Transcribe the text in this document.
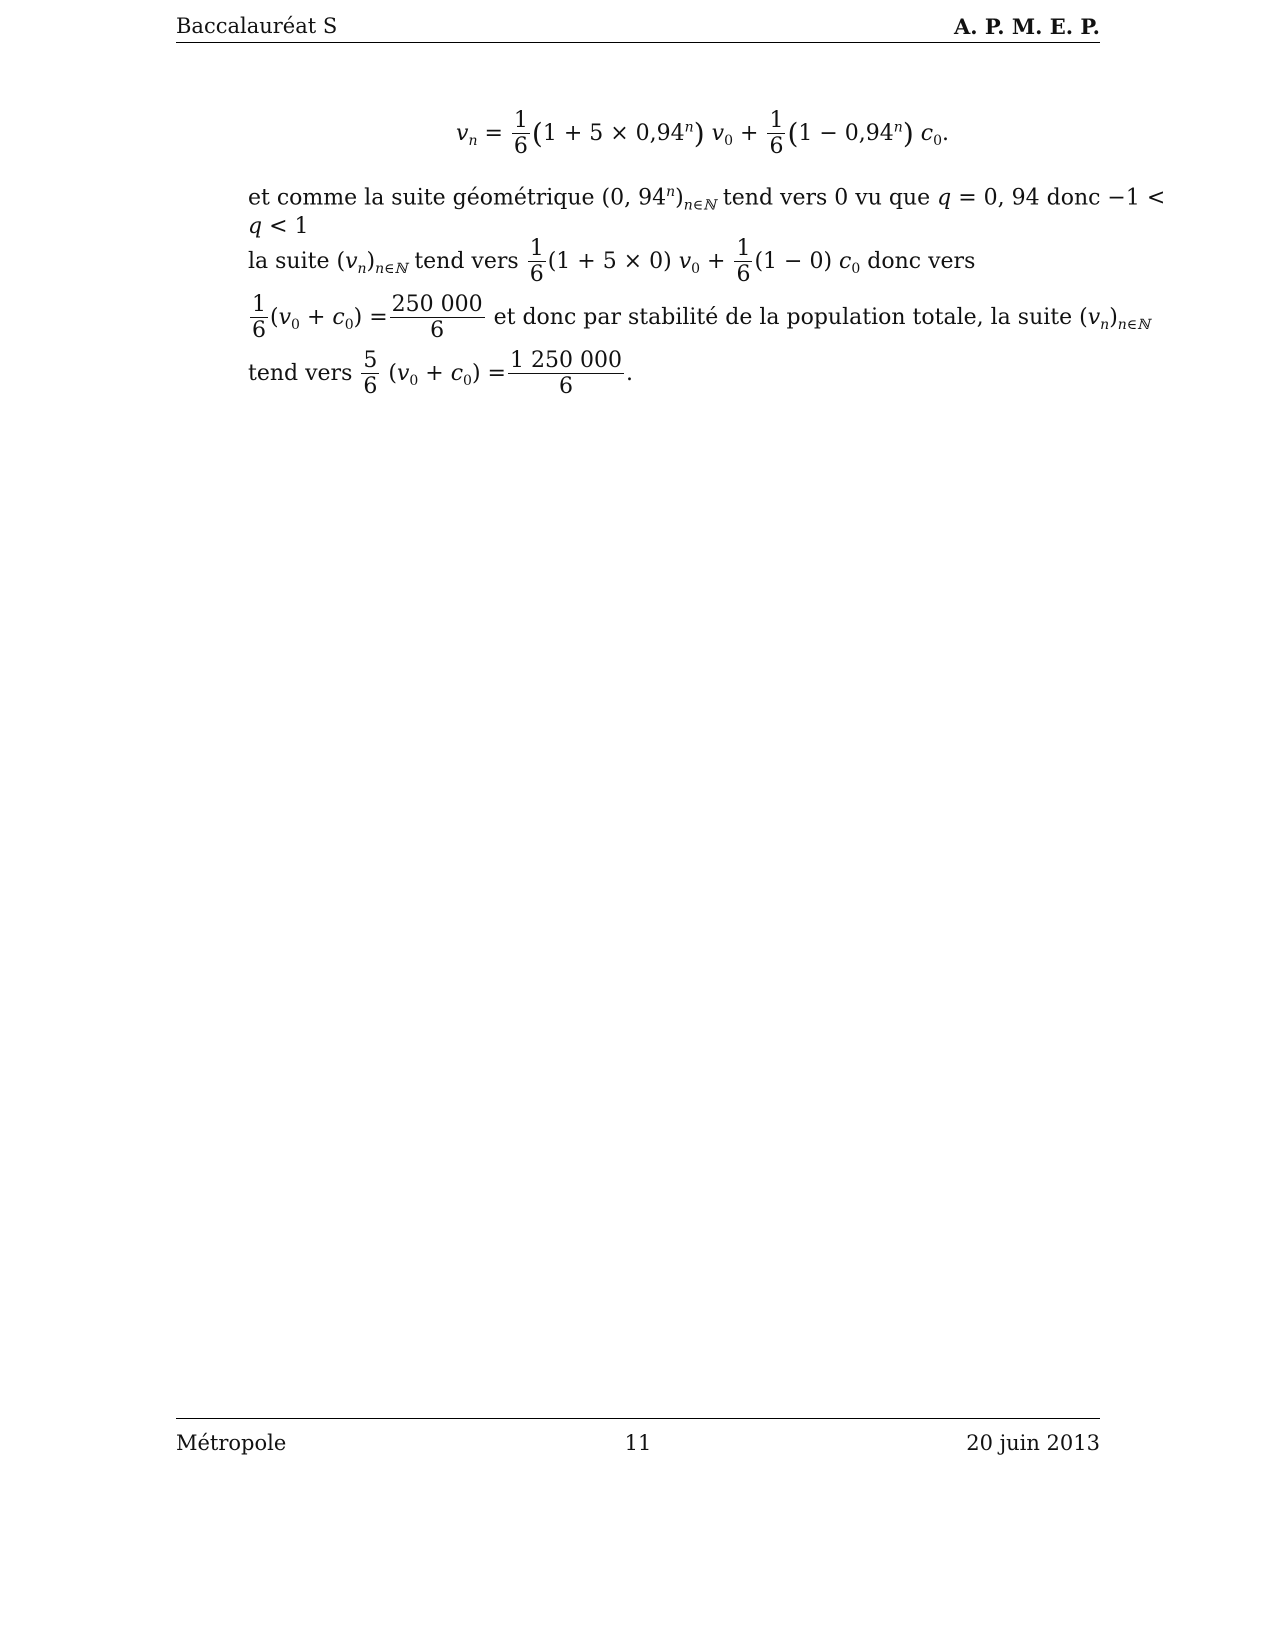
Baccalauréat S	A. P. M. E. P.
$v_n = \frac{1}{6} (1 + 5 \times 0,94^n) v_0 + \frac{1}{6} (1 - 0,94^n)$ $c_0$.
et comme la suite géométrique (0, $94^n)_{n\in ℕ}$ tend vers 0 vu que q = 0, 94 donc −1 <
q < 1
la suite $(v_n)_{n\in ℕ}$ tend vers $\frac{1}{6} (1 + 5 \times 0) v_0 + \frac{1}{6} (1 - 0)$ $c_0$ donc vers
$\frac{1}{6} (v_0 + c_0) = \frac{250 000}{6}$ et donc par stabilité de la population totale, la suite $(v_n)_{n\in ℕ}$
tend vers $\frac{5}{6} (v_0 + c_0) = \frac{1 250 000}{6}$ .
Métropole	11	20 juin 2013
